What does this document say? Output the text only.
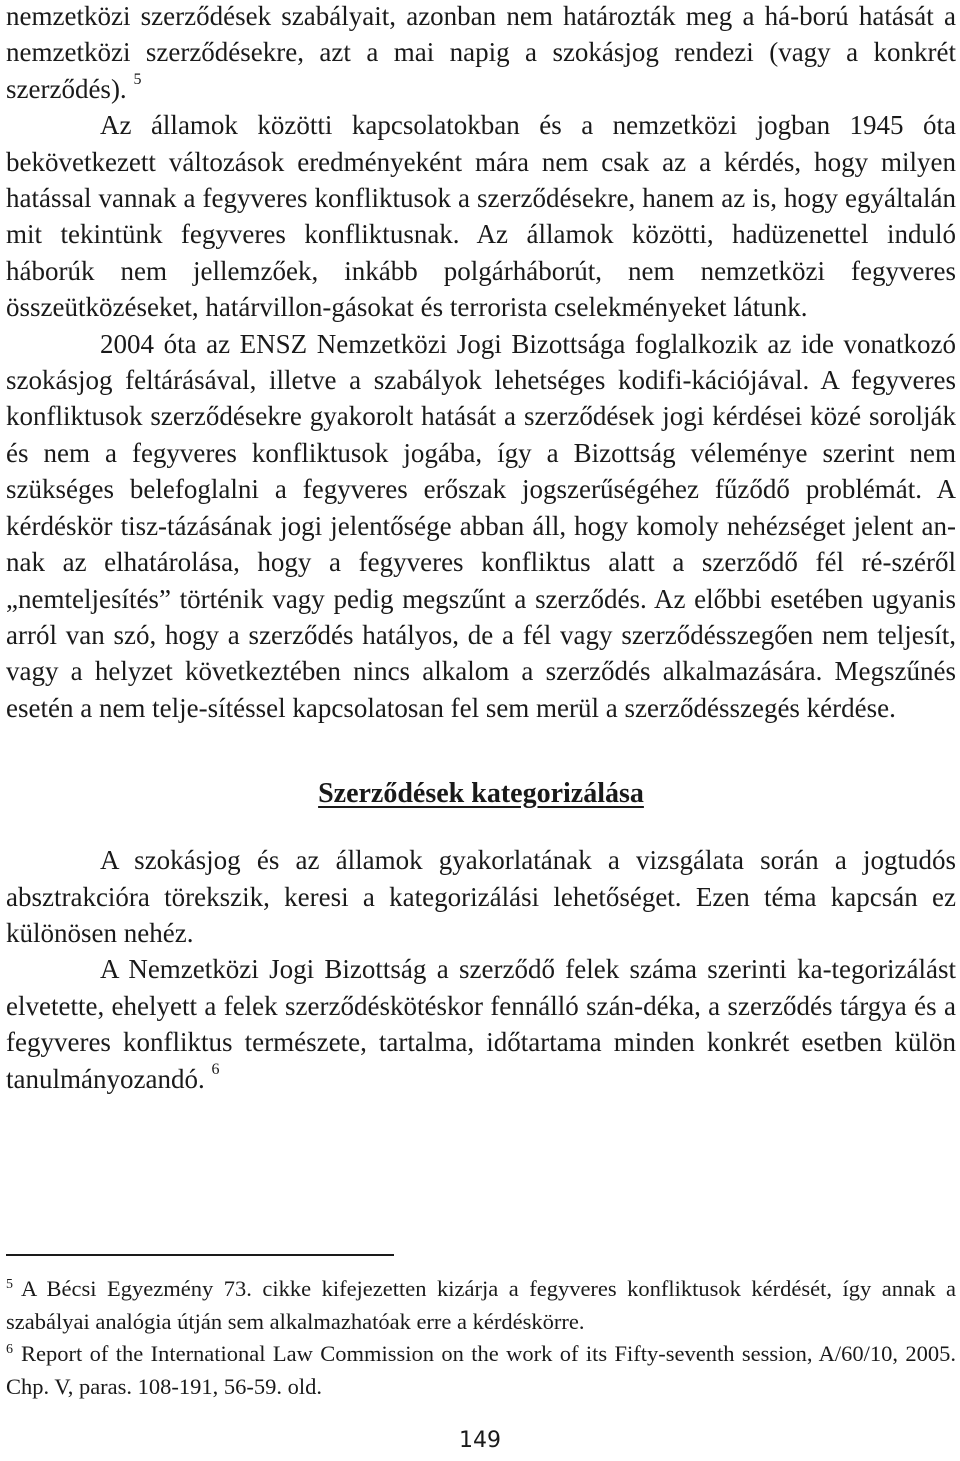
nemzetközi szerződések szabályait, azonban nem határozták meg a há-ború hatását a nemzetközi szerződésekre, azt a mai napig a szokásjog rendezi (vagy a konkrét szerződés). $^5$

Az államok közötti kapcsolatokban és a nemzetközi jogban 1945 óta bekövetkezett változások eredményeként mára nem csak az a kérdés, hogy milyen hatással vannak a fegyveres konfliktusok a szerződésekre, hanem az is, hogy egyáltalán mit tekintünk fegyveres konfliktusnak. Az államok közötti, hadüzenettel induló háborúk nem jellemzőek, inkább polgárháborút, nem nemzetközi fegyveres összeütközéseket, határvillon-gásokat és terrorista cselekményeket látunk.

2004 óta az ENSZ Nemzetközi Jogi Bizottsága foglalkozik az ide vonatkozó szokásjog feltárásával, illetve a szabályok lehetséges kodifi-kációjával. A fegyveres konfliktusok szerződésekre gyakorolt hatását a szerződések jogi kérdései közé sorolják és nem a fegyveres konfliktusok jogába, így a Bizottság véleménye szerint nem szükséges belefoglalni a fegyveres erőszak jogszerűségéhez fűződő problémát. A kérdéskör tisz-tázásának jogi jelentősége abban áll, hogy komoly nehézséget jelent an-nak az elhatárolása, hogy a fegyveres konfliktus alatt a szerződő fél ré-széről „nemteljesítés” történik vagy pedig megszűnt a szerződés. Az előbbi esetében ugyanis arról van szó, hogy a szerződés hatályos, de a fél vagy szerződésszegően nem teljesít, vagy a helyzet következtében nincs alkalom a szerződés alkalmazására. Megszűnés esetén a nem telje-sítéssel kapcsolatosan fel sem merül a szerződésszegés kérdése.

Szerződések kategorizálása

A szokásjog és az államok gyakorlatának a vizsgálata során a jogtudós absztrakcióra törekszik, keresi a kategorizálási lehetőséget. Ezen téma kapcsán ez különösen nehéz.

A Nemzetközi Jogi Bizottság a szerződő felek száma szerinti ka-tegorizálást elvetette, ehelyett a felek szerződéskötéskor fennálló szán-déka, a szerződés tárgya és a fegyveres konfliktus természete, tartalma, időtartama minden konkrét esetben külön tanulmányozandó. $^6$

$^5$ A Bécsi Egyezmény 73. cikke kifejezetten kizárja a fegyveres konfliktusok kérdését, így annak a szabályai analógia útján sem alkalmazhatóak erre a kérdéskörre.

$^6$ Report of the International Law Commission on the work of its Fifty-seventh session, A/60/10, 2005. Chp. V, paras. 108-191, 56-59. old.

149
